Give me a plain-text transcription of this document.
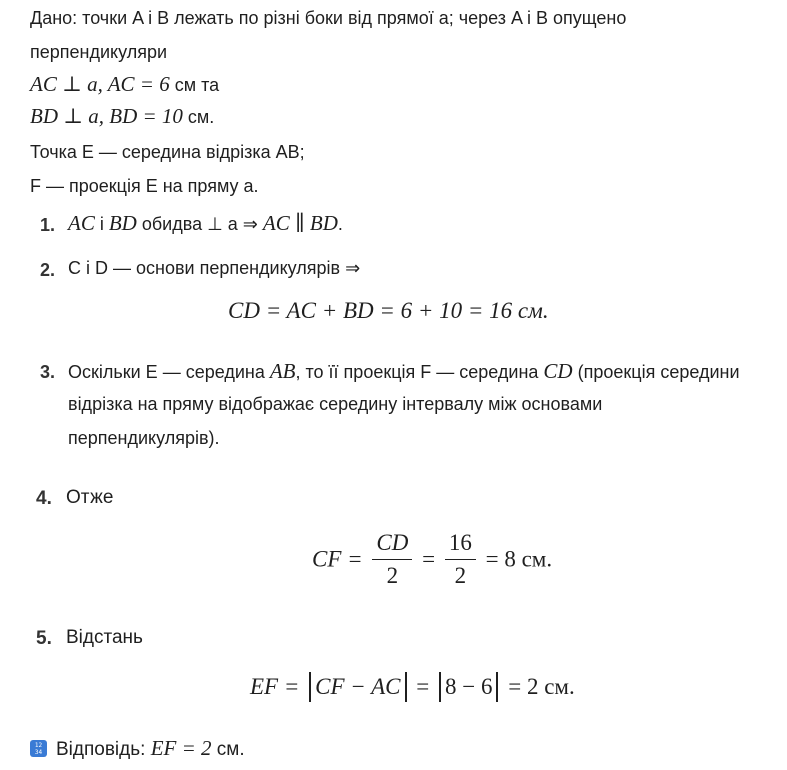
Дано: точки A і B лежать по різні боки від прямої a; через A і B опущено
перпендикуляри
AC ⊥ a, AC = 6 см та
BD ⊥ a, BD = 10 см.
Точка E — середина відрізка AB;
F — проекція E на пряму a.
1. AC і BD обидва ⊥ a ⇒ AC ∥ BD.
2. C і D — основи перпендикулярів ⇒
CD = AC + BD = 6 + 10 = 16 см.
3. Оскільки E — середина AB, то її проекція F — середина CD (проекція середини

відрізка на пряму відображає середину інтервалу між основами

перпендикулярів).

4. Отже
CF = $\frac{CD}{2} = \frac{16}{2} = 8$ см.
5. Відстань
EF = CF − AC = 8 − 6 = 2 см.
1234 Відповідь: EF = 2 см.
